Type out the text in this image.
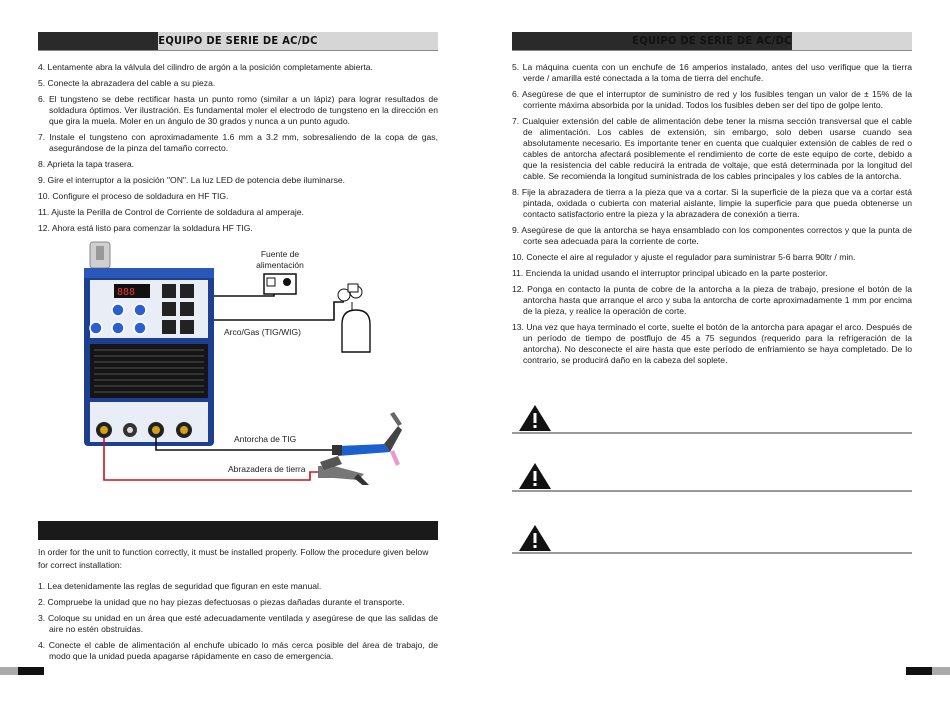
EQUIPO DE SERIE DE AC/DC
4. Lentamente abra la válvula del cilindro de argón a la posición completamente abierta.
5. Conecte la abrazadera del cable a su pieza.
6. El tungsteno se debe rectificar hasta un punto romo (similar a un lápiz) para lograr resultados de soldadura óptimos. Ver ilustración. Es fundamental moler el electrodo de tungsteno en la dirección en que gira la muela. Moler en un ángulo de 30 grados y nunca a un punto agudo.
7. Instale el tungsteno con aproximadamente 1.6 mm a 3.2 mm, sobresaliendo de la copa de gas, asegurándose de la pinza del tamaño correcto.
8. Aprieta la tapa trasera.
9. Gire el interruptor a la posición "ON". La luz LED de potencia debe iluminarse.
10. Configure el proceso de soldadura en HF TIG.
11. Ajuste la Perilla de Control de Corriente de soldadura al amperaje.
12. Ahora está listo para comenzar la soldadura HF TIG.
888
Fuente de
alimentación
Arco/Gas (TIG/WIG)
Antorcha de TIG
Abrazadera de tierra

In order for the unit to function correctly, it must be installed properly. Follow the procedure given below for correct installation:

1. Lea detenidamente las reglas de seguridad que figuran en este manual.
2. Compruebe la unidad que no hay piezas defectuosas o piezas dañadas durante el transporte.
3. Coloque su unidad en un área que esté adecuadamente ventilada y asegúrese de que las salidas de aire no estén obstruidas.
4. Conecte el cable de alimentación al enchufe ubicado lo más cerca posible del área de trabajo, de modo que la unidad pueda apagarse rápidamente en caso de emergencia.
EQUIPO DE SERIE DE AC/DC
5. La máquina cuenta con un enchufe de 16 amperios instalado, antes del uso verifique que la tierra verde / amarilla esté conectada a la toma de tierra del enchufe.
6. Asegúrese de que el interruptor de suministro de red y los fusibles tengan un valor de ± 15% de la corriente máxima absorbida por la unidad. Todos los fusibles deben ser del tipo de golpe lento.
7. Cualquier extensión del cable de alimentación debe tener la misma sección transversal que el cable de alimentación. Los cables de extensión, sin embargo, solo deben usarse cuando sea absolutamente necesario. Es importante tener en cuenta que cualquier extensión de cables de red o cables de antorcha afectará posiblemente el rendimiento de corte de este equipo de corte, debido a que la resistencia del cable reducirá la entrada de voltaje, que está determinada por la longitud del cable. Se recomienda la longitud suministrada de los cables principales y los cables de la antorcha.
8. Fije la abrazadera de tierra a la pieza que va a cortar. Si la superficie de la pieza que va a cortar está pintada, oxidada o cubierta con material aislante, limpie la superficie para que pueda obtenerse un contacto satisfactorio entre la pieza y la abrazadera de conexión a tierra.
9. Asegúrese de que la antorcha se haya ensamblado con los componentes correctos y que la punta de corte sea adecuada para la corriente de corte.
10. Conecte el aire al regulador y ajuste el regulador para suministrar 5-6 barra 90ltr / min.
11. Encienda la unidad usando el interruptor principal ubicado en la parte posterior.
12. Ponga en contacto la punta de cobre de la antorcha a la pieza de trabajo, presione el botón de la antorcha hasta que arranque el arco y suba la antorcha de corte aproximadamente 1 mm por encima de la pieza, y realice la operación de corte.
13. Una vez que haya terminado el corte, suelte el botón de la antorcha para apagar el arco. Después de un período de tiempo de postflujo de 45 a 75 segundos (requerido para la refrigeración de la antorcha). No desconecte el aire hasta que este período de enfriamiento se haya completado. De lo contrario, se producirá daño en la cabeza del soplete.
